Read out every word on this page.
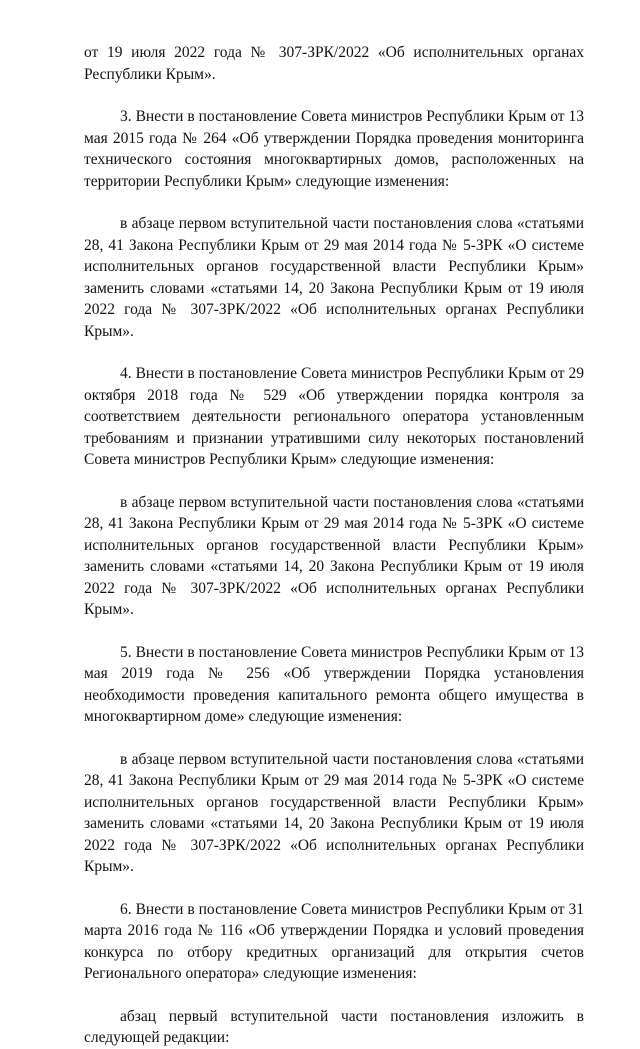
от 19 июля 2022 года № 307-ЗРК/2022 «Об исполнительных органах Республики Крым».

3. Внести в постановление Совета министров Республики Крым от 13 мая 2015 года № 264 «Об утверждении Порядка проведения мониторинга технического состояния многоквартирных домов, расположенных на территории Республики Крым» следующие изменения:

в абзаце первом вступительной части постановления слова «статьями 28, 41 Закона Республики Крым от 29 мая 2014 года № 5-ЗРК «О системе исполнительных органов государственной власти Республики Крым» заменить словами «статьями 14, 20 Закона Республики Крым от 19 июля 2022 года № 307-ЗРК/2022 «Об исполнительных органах Республики Крым».

4. Внести в постановление Совета министров Республики Крым от 29 октября 2018 года № 529 «Об утверждении порядка контроля за соответствием деятельности регионального оператора установленным требованиям и признании утратившими силу некоторых постановлений Совета министров Республики Крым» следующие изменения:

в абзаце первом вступительной части постановления слова «статьями 28, 41 Закона Республики Крым от 29 мая 2014 года № 5-ЗРК «О системе исполнительных органов государственной власти Республики Крым» заменить словами «статьями 14, 20 Закона Республики Крым от 19 июля 2022 года № 307-ЗРК/2022 «Об исполнительных органах Республики Крым».

5. Внести в постановление Совета министров Республики Крым от 13 мая 2019 года № 256 «Об утверждении Порядка установления необходимости проведения капитального ремонта общего имущества в многоквартирном доме» следующие изменения:

в абзаце первом вступительной части постановления слова «статьями 28, 41 Закона Республики Крым от 29 мая 2014 года № 5-ЗРК «О системе исполнительных органов государственной власти Республики Крым» заменить словами «статьями 14, 20 Закона Республики Крым от 19 июля 2022 года № 307-ЗРК/2022 «Об исполнительных органах Республики Крым».

6. Внести в постановление Совета министров Республики Крым от 31 марта 2016 года № 116 «Об утверждении Порядка и условий проведения конкурса по отбору кредитных организаций для открытия счетов Регионального оператора» следующие изменения:

абзац первый вступительной части постановления изложить в следующей редакции:
